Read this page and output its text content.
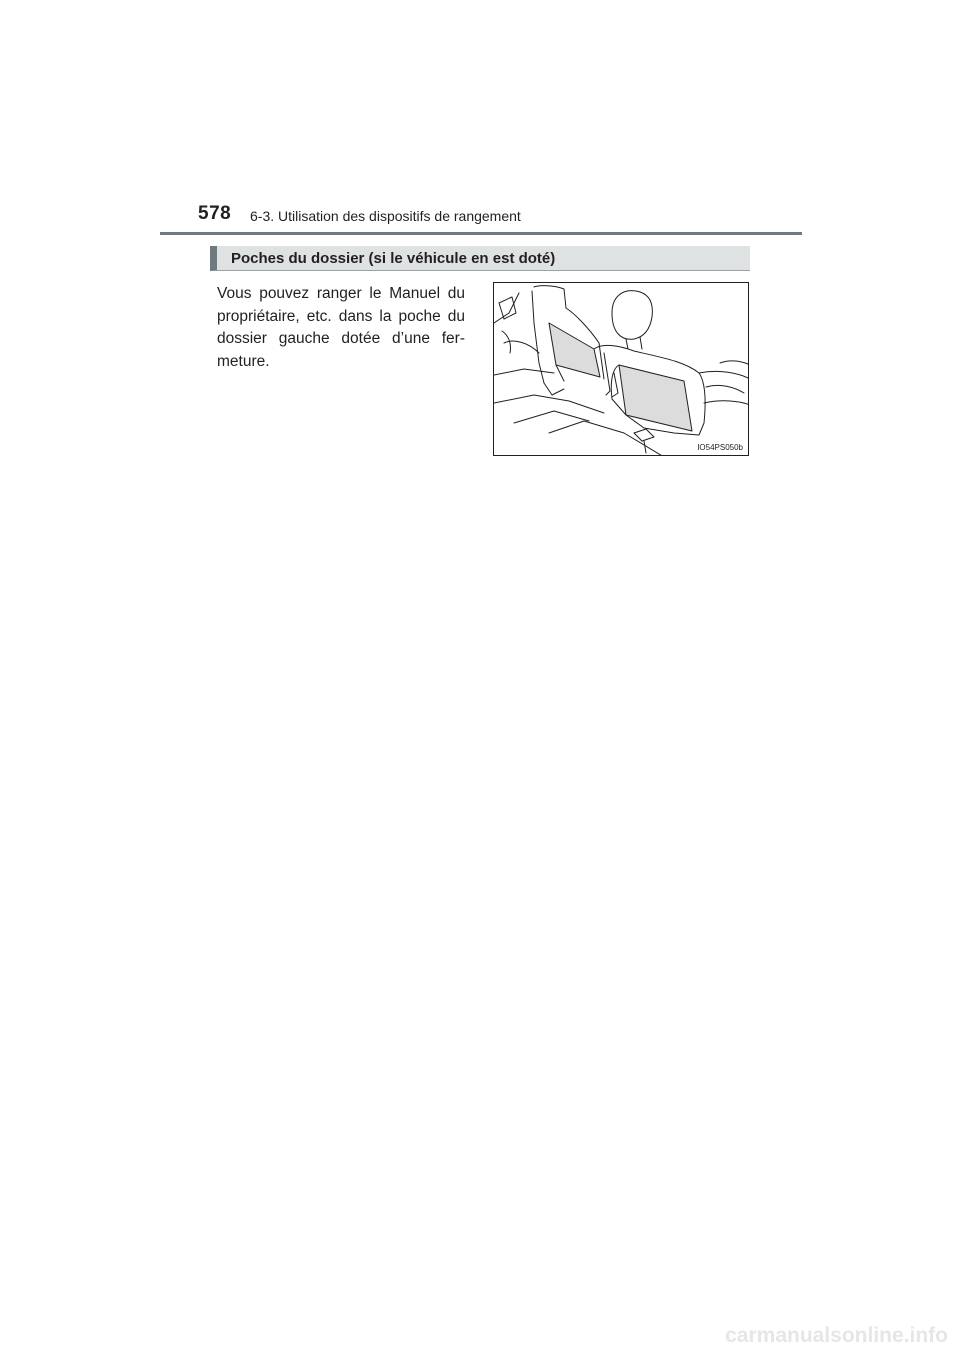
578 6-3. Utilisation des dispositifs de rangement
Poches du dossier (si le véhicule en est doté)
Vous pouvez ranger le Manuel du propriétaire, etc. dans la poche du dossier gauche dotée d’une fer-meture.
IO54PS050b
carmanualsonline.info
